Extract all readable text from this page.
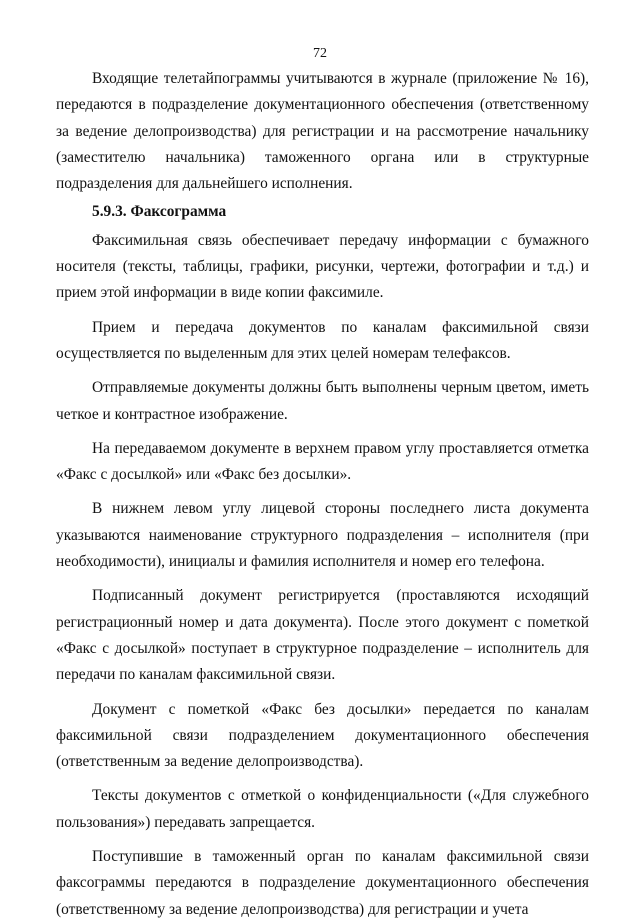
72

Входящие телетайпограммы учитываются в журнале (приложение № 16), передаются в подразделение документационного обеспечения (ответственному за ведение делопроизводства) для регистрации и на рассмотрение начальнику (заместителю начальника) таможенного органа или в структурные подразделения для дальнейшего исполнения.

5.9.3. Факсограмма

Факсимильная связь обеспечивает передачу информации с бумажного носителя (тексты, таблицы, графики, рисунки, чертежи, фотографии и т.д.) и прием этой информации в виде копии факсимиле.

Прием и передача документов по каналам факсимильной связи осуществляется по выделенным для этих целей номерам телефаксов.

Отправляемые документы должны быть выполнены черным цветом, иметь четкое и контрастное изображение.

На передаваемом документе в верхнем правом углу проставляется отметка «Факс с досылкой» или «Факс без досылки».

В нижнем левом углу лицевой стороны последнего листа документа указываются наименование структурного подразделения – исполнителя (при необходимости), инициалы и фамилия исполнителя и номер его телефона.

Подписанный документ регистрируется (проставляются исходящий регистрационный номер и дата документа). После этого документ с пометкой «Факс с досылкой» поступает в структурное подразделение – исполнитель для передачи по каналам факсимильной связи.

Документ с пометкой «Факс без досылки» передается по каналам факсимильной связи подразделением документационного обеспечения (ответственным за ведение делопроизводства).

Тексты документов с отметкой о конфиденциальности («Для служебного пользования») передавать запрещается.

Поступившие в таможенный орган по каналам факсимильной связи факсограммы передаются в подразделение документационного обеспечения (ответственному за ведение делопроизводства) для регистрации и учета
